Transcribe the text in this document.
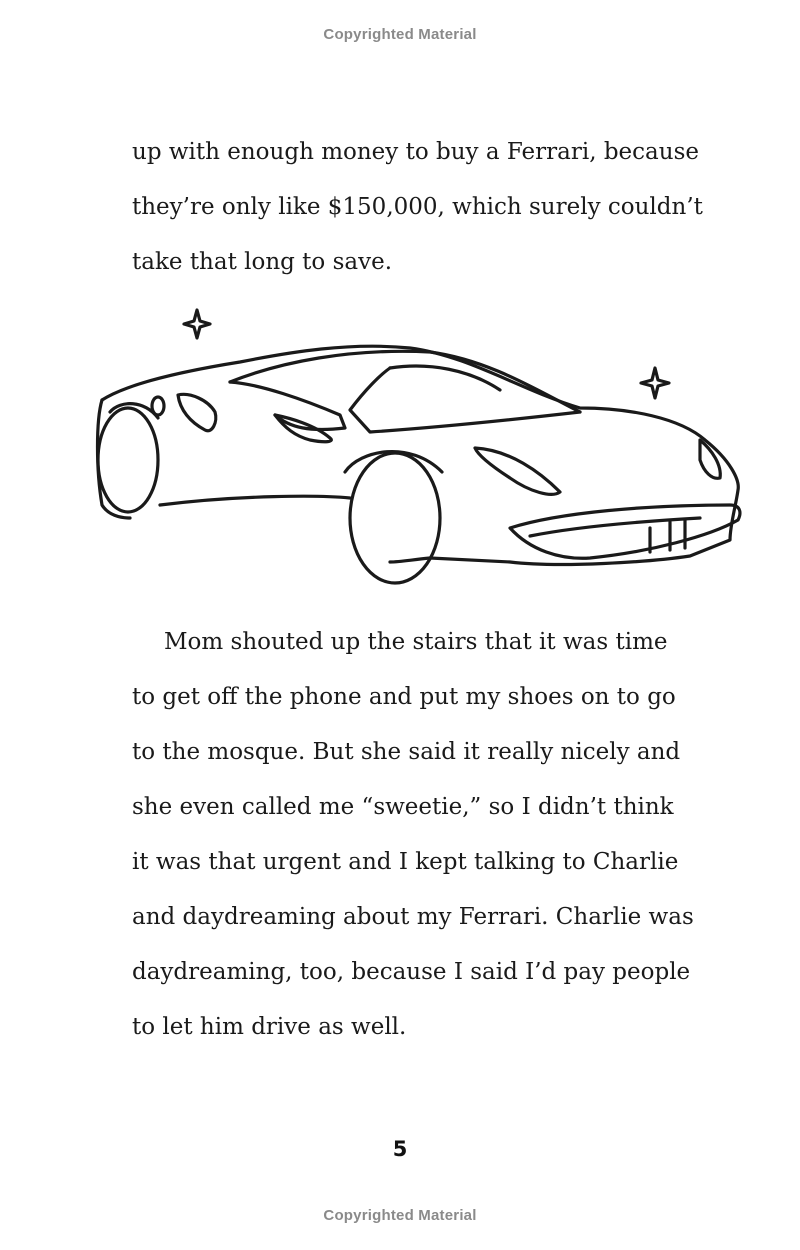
Copyrighted Material
up with enough money to buy a Ferrari, because
they’re only like $150,000, which surely couldn’t
take that long to save.
Mom shouted up the stairs that it was time
to get off the phone and put my shoes on to go
to the mosque. But she said it really nicely and
she even called me “sweetie,” so I didn’t think
it was that urgent and I kept talking to Charlie
and daydreaming about my Ferrari. Charlie was
daydreaming, too, because I said I’d pay people
to let him drive as well.
5
Copyrighted Material
